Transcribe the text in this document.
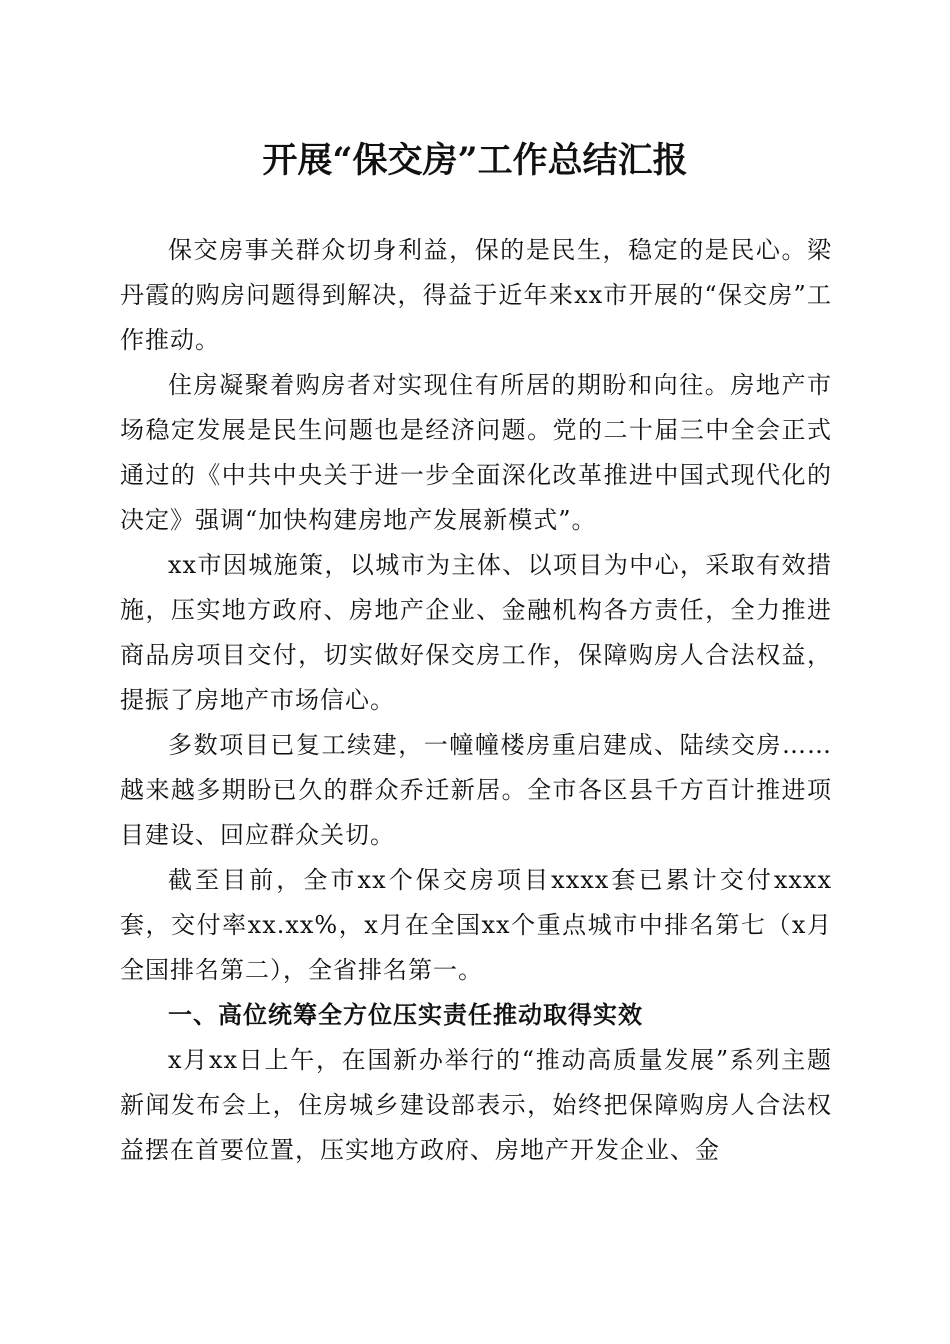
开展“保交房”工作总结汇报

保交房事关群众切身利益，保的是民生，稳定的是民心。梁丹霞的购房问题得到解决，得益于近年来xx市开展的“保交房”工作推动。

住房凝聚着购房者对实现住有所居的期盼和向往。房地产市场稳定发展是民生问题也是经济问题。党的二十届三中全会正式通过的《中共中央关于进一步全面深化改革推进中国式现代化的决定》强调“加快构建房地产发展新模式”。

xx市因城施策，以城市为主体、以项目为中心，采取有效措施，压实地方政府、房地产企业、金融机构各方责任，全力推进商品房项目交付，切实做好保交房工作，保障购房人合法权益，提振了房地产市场信心。

多数项目已复工续建，一幢幢楼房重启建成、陆续交房……越来越多期盼已久的群众乔迁新居。全市各区县千方百计推进项目建设、回应群众关切。

截至目前，全市xx个保交房项目xxxx套已累计交付xxxx套，交付率xx.xx%，x月在全国xx个重点城市中排名第七（x月全国排名第二），全省排名第一。

一、高位统筹全方位压实责任推动取得实效

x月xx日上午，在国新办举行的“推动高质量发展”系列主题新闻发布会上，住房城乡建设部表示，始终把保障购房人合法权益摆在首要位置，压实地方政府、房地产开发企业、金
